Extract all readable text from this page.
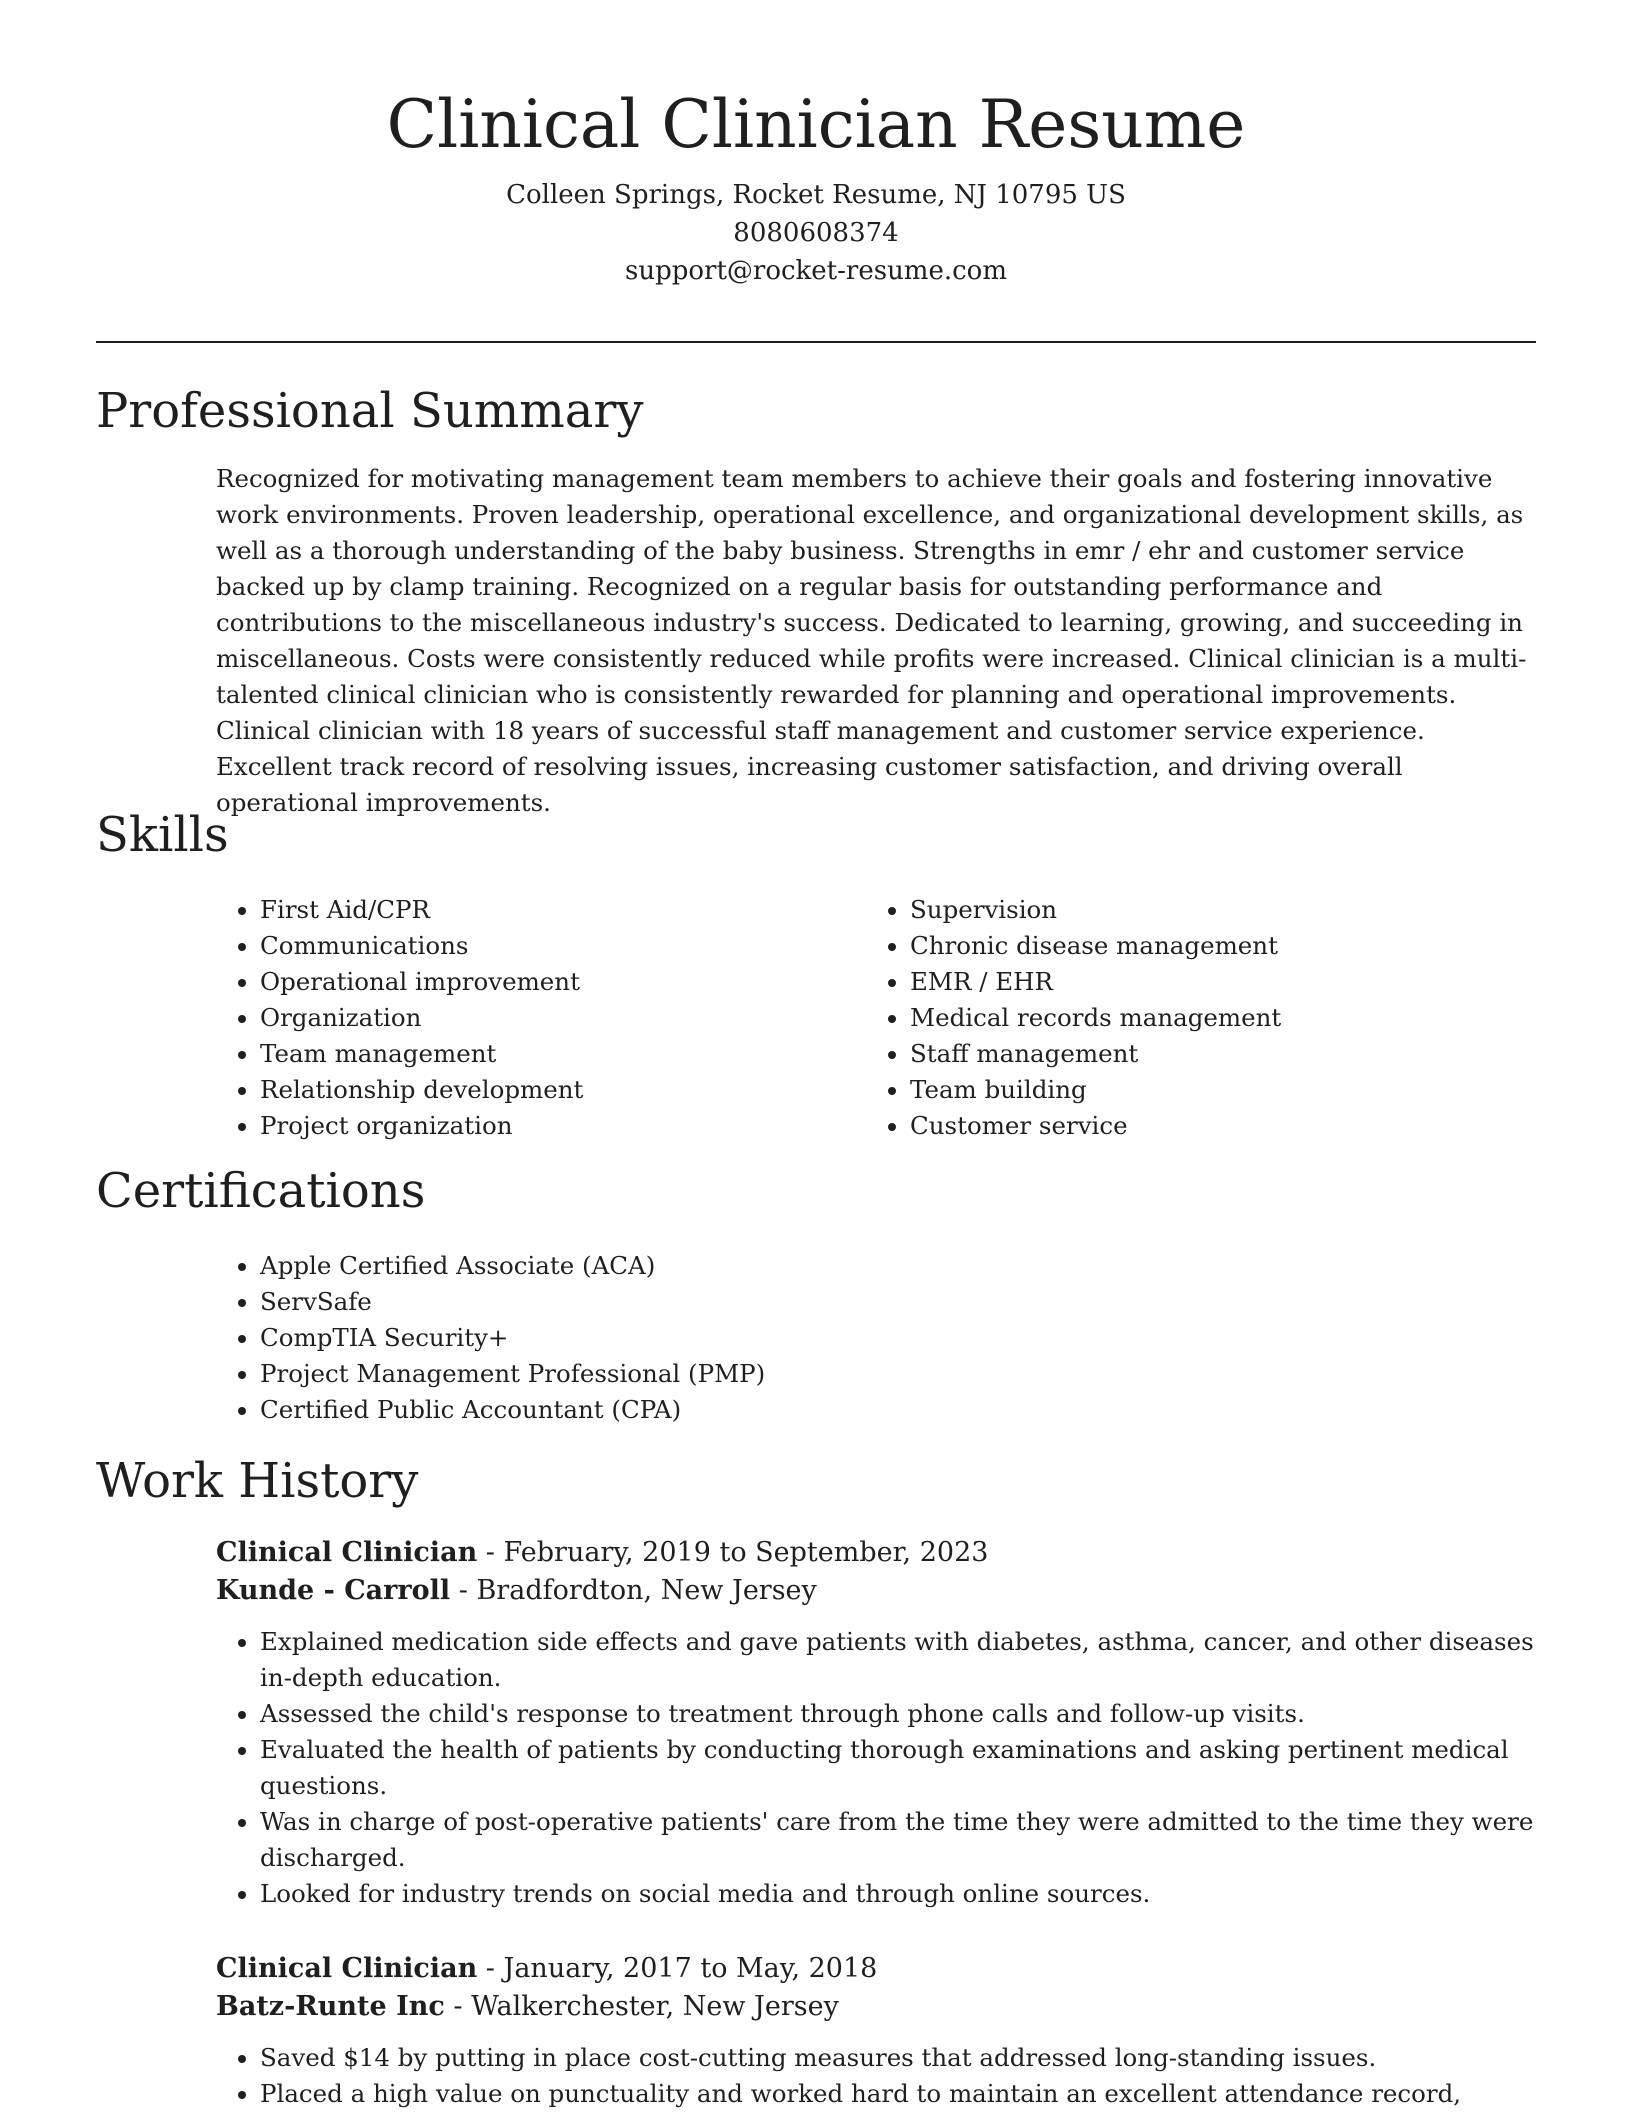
Clinical Clinician Resume
Colleen Springs, Rocket Resume, NJ 10795 US
8080608374
support@rocket-resume.com
Professional Summary

Recognized for motivating management team members to achieve their goals and fostering innovative work environments. Proven leadership, operational excellence, and organizational development skills, as well as a thorough understanding of the baby business. Strengths in emr / ehr and customer service backed up by clamp training. Recognized on a regular basis for outstanding performance and contributions to the miscellaneous industry's success. Dedicated to learning, growing, and succeeding in miscellaneous. Costs were consistently reduced while profits were increased. Clinical clinician is a multi-talented clinical clinician who is consistently rewarded for planning and operational improvements. Clinical clinician with 18 years of successful staff management and customer service experience. Excellent track record of resolving issues, increasing customer satisfaction, and driving overall operational improvements.

Skills
• First Aid/CPR
• Communications
• Operational improvement
• Organization
• Team management
• Relationship development
• Project organization
• Supervision
• Chronic disease management
• EMR / EHR
• Medical records management
• Staff management
• Team building
• Customer service
Certifications
• Apple Certified Associate (ACA)
• ServSafe
• CompTIA Security+
• Project Management Professional (PMP)
• Certified Public Accountant (CPA)
Work History
Clinical Clinician - February, 2019 to September, 2023
Kunde - Carroll - Bradfordton, New Jersey
• Explained medication side effects and gave patients with diabetes, asthma, cancer, and other diseases in-depth education.
• Assessed the child's response to treatment through phone calls and follow-up visits.
• Evaluated the health of patients by conducting thorough examinations and asking pertinent medical questions.
• Was in charge of post-operative patients' care from the time they were admitted to the time they were discharged.
• Looked for industry trends on social media and through online sources.
Clinical Clinician - January, 2017 to May, 2018
Batz-Runte Inc - Walkerchester, New Jersey
• Saved $14 by putting in place cost-cutting measures that addressed long-standing issues.
• Placed a high value on punctuality and worked hard to maintain an excellent attendance record,
